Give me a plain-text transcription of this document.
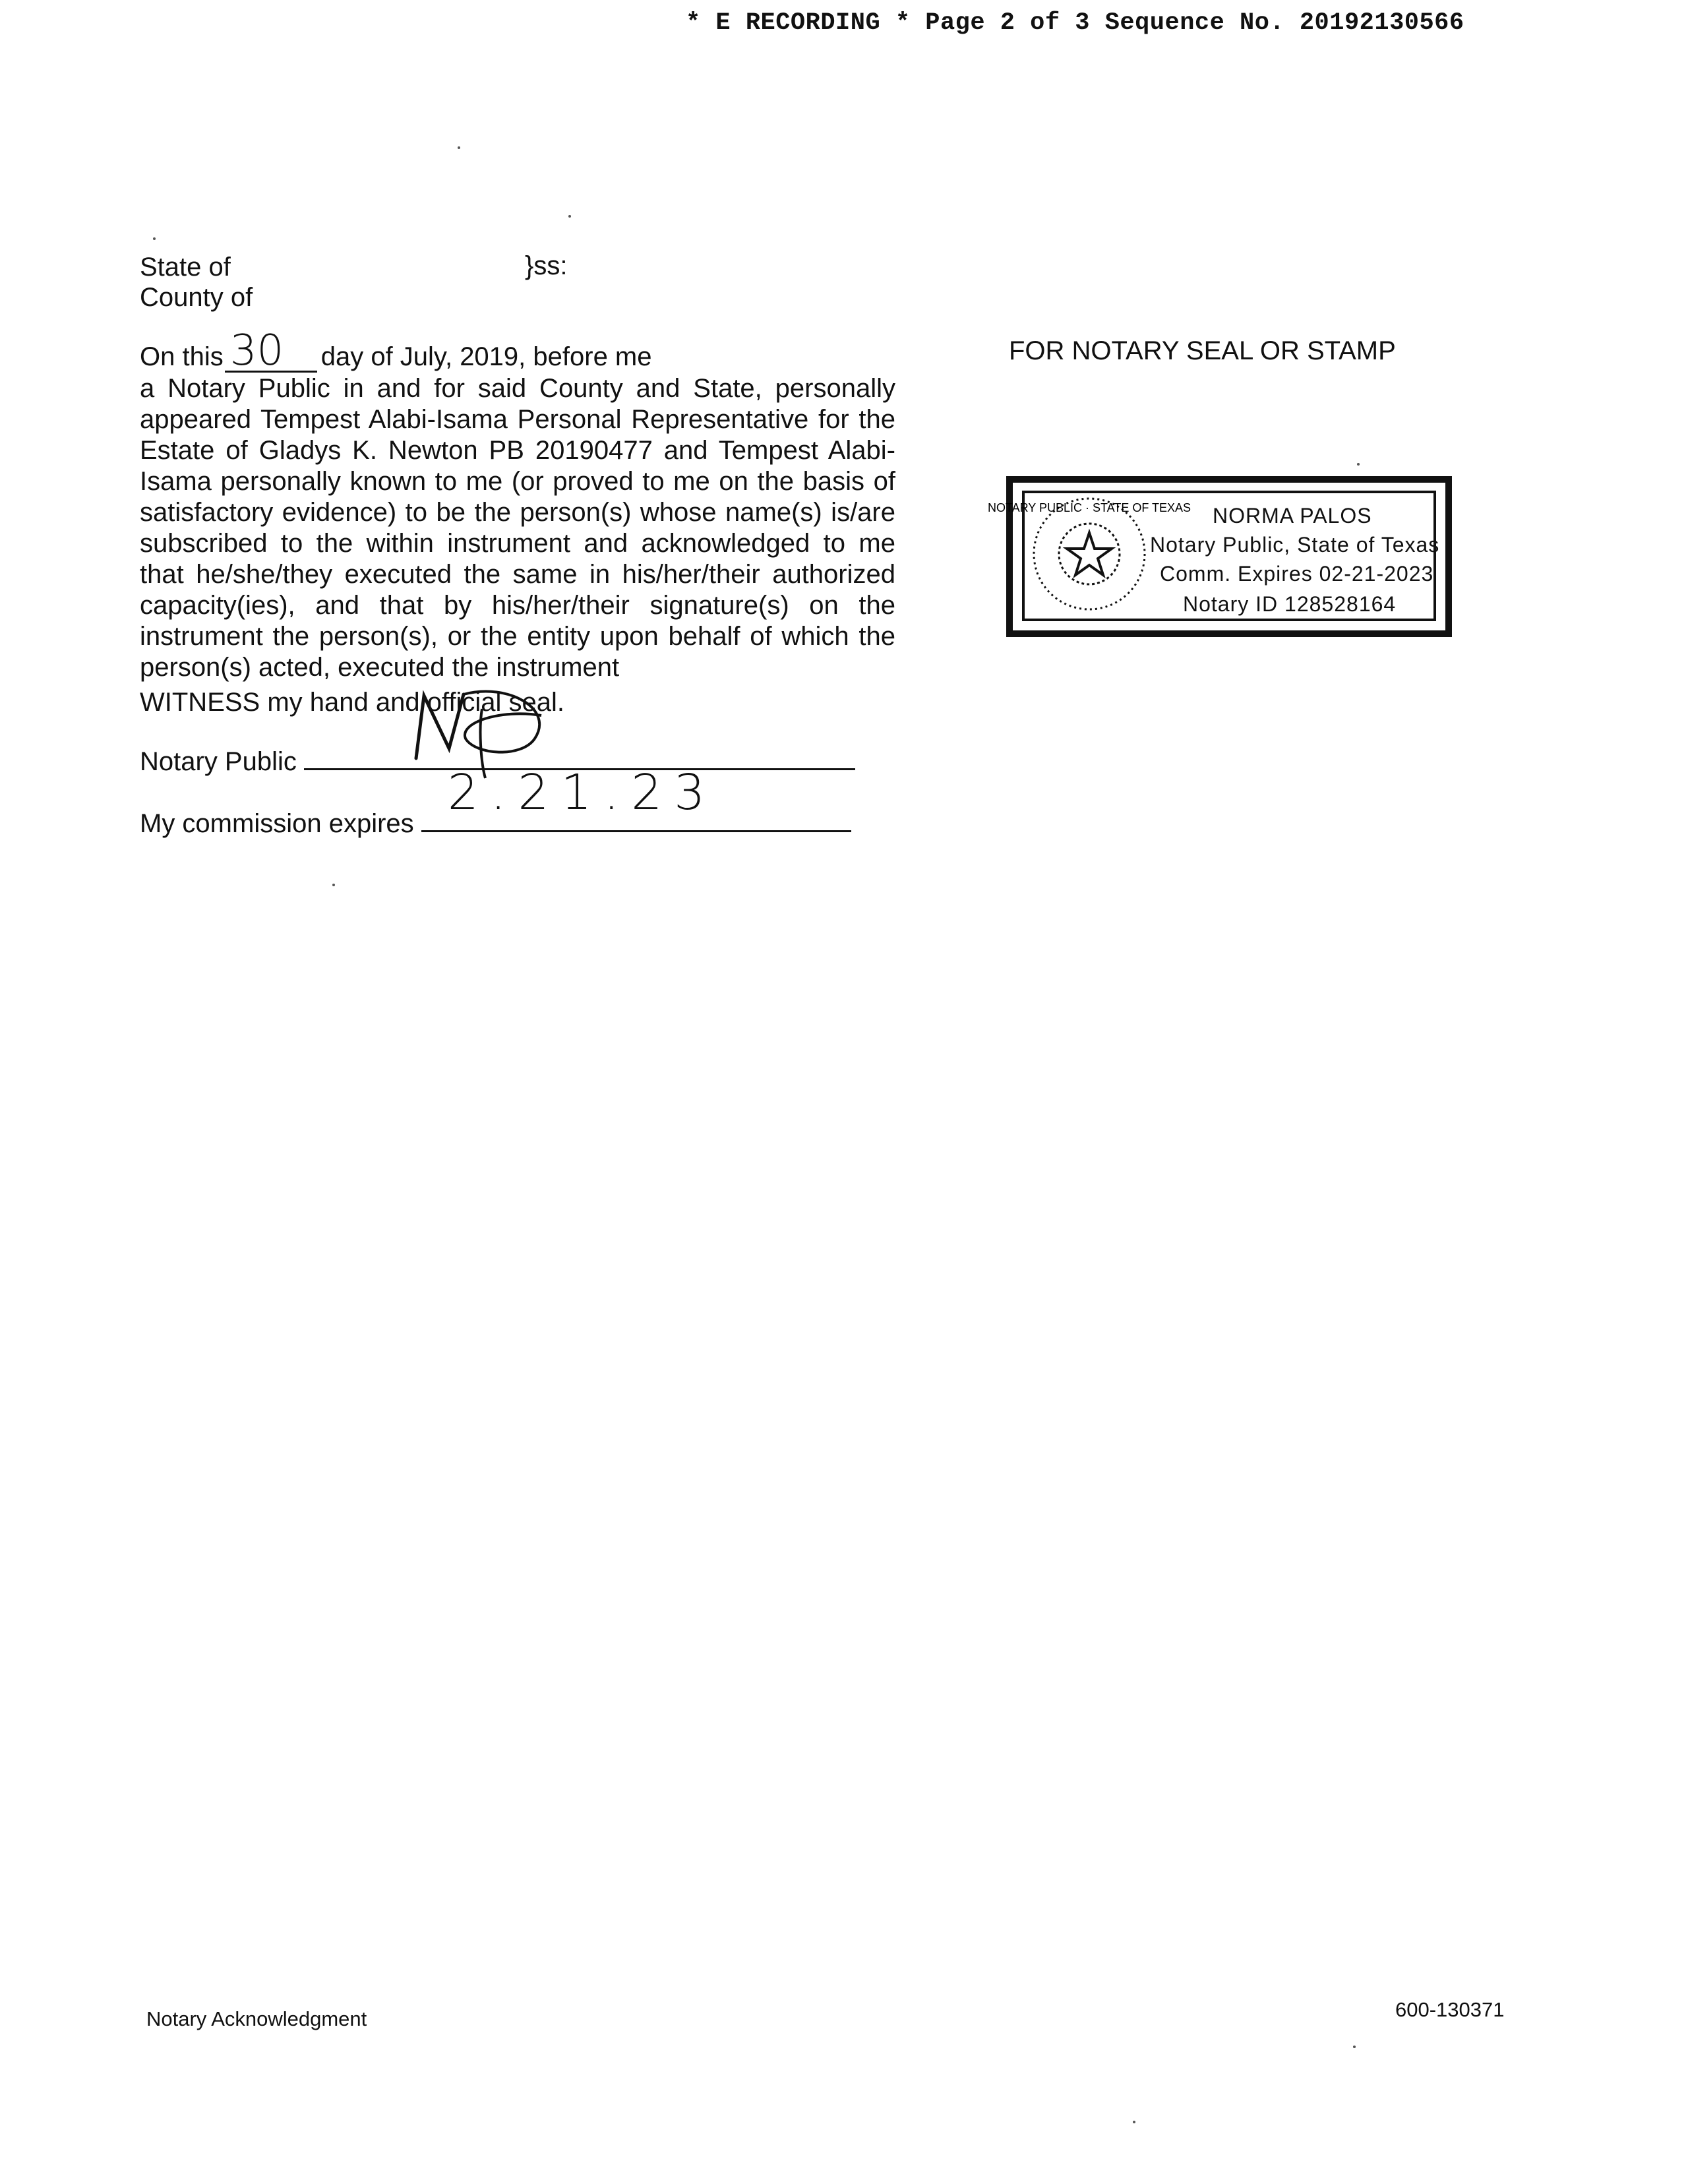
* E RECORDING * Page 2 of 3 Sequence No. 20192130566
State of
County of
}ss:
On this 30 day of July, 2019, before me
a Notary Public in and for said County and State, personally appeared Tempest Alabi-Isama Personal Representative for the Estate of Gladys K. Newton PB 20190477 and Tempest Alabi-Isama personally known to me (or proved to me on the basis of satisfactory evidence) to be the person(s) whose name(s) is/are subscribed to the within instrument and acknowledged to me that he/she/they executed the same in his/her/their authorized capacity(ies), and that by his/her/their signature(s) on the instrument the person(s), or the entity upon behalf of which the person(s) acted, executed the instrument
WITNESS my hand and official seal.
Notary Public
My commission expires
2.21.23
FOR NOTARY SEAL OR STAMP
NOTARY PUBLIC · STATE OF TEXAS NORMA PALOS
Notary Public, State of Texas
Comm. Expires 02-21-2023
Notary ID 128528164
Notary Acknowledgment	600-130371
